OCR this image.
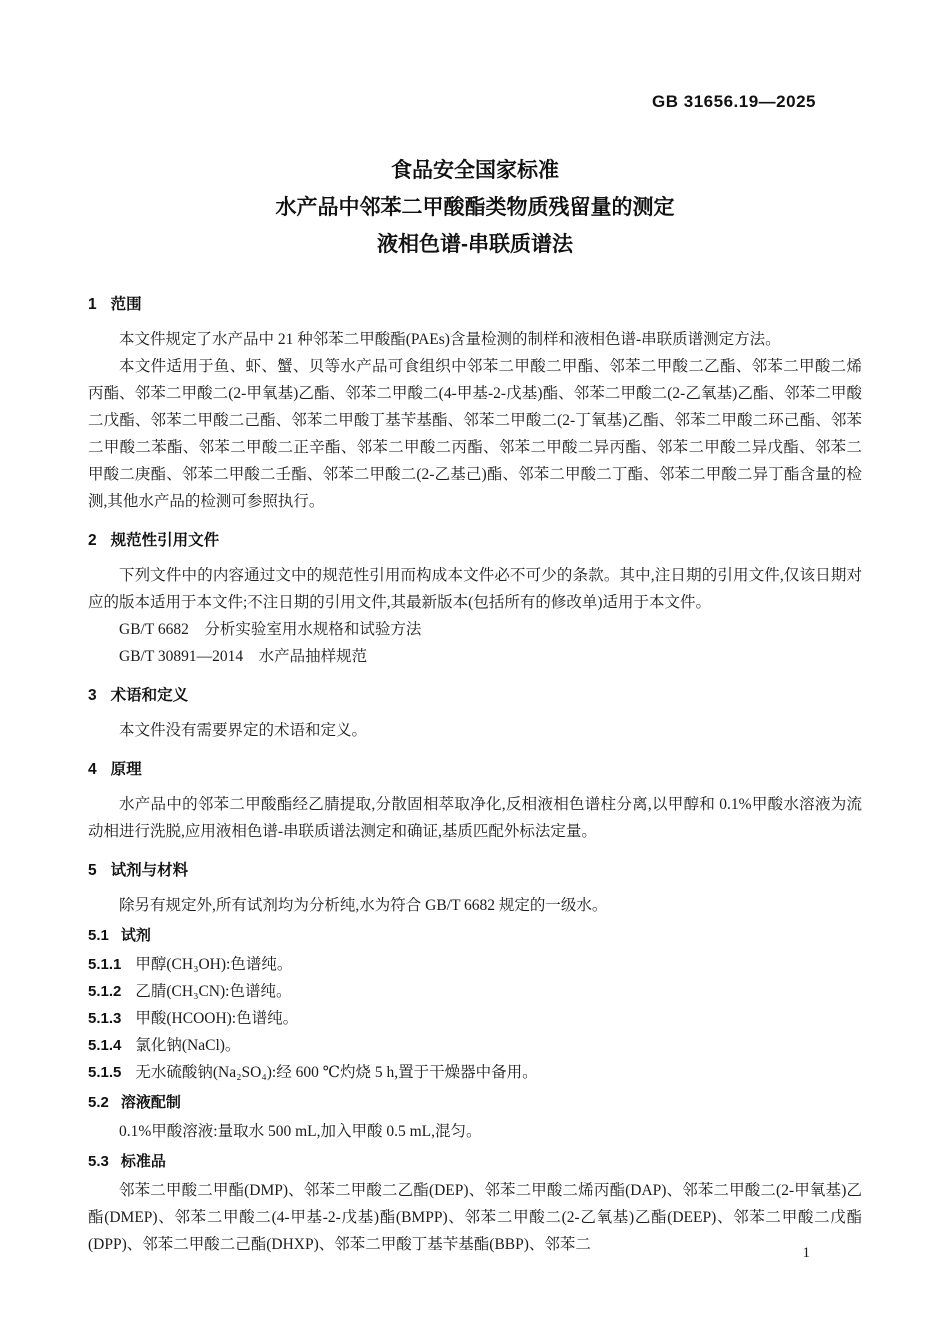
GB 31656.19—2025
食品安全国家标准
水产品中邻苯二甲酸酯类物质残留量的测定
液相色谱-串联质谱法
1 范围

本文件规定了水产品中 21 种邻苯二甲酸酯(PAEs)含量检测的制样和液相色谱-串联质谱测定方法。

本文件适用于鱼、虾、蟹、贝等水产品可食组织中邻苯二甲酸二甲酯、邻苯二甲酸二乙酯、邻苯二甲酸二烯丙酯、邻苯二甲酸二(2-甲氧基)乙酯、邻苯二甲酸二(4-甲基-2-戊基)酯、邻苯二甲酸二(2-乙氧基)乙酯、邻苯二甲酸二戊酯、邻苯二甲酸二己酯、邻苯二甲酸丁基苄基酯、邻苯二甲酸二(2-丁氧基)乙酯、邻苯二甲酸二环己酯、邻苯二甲酸二苯酯、邻苯二甲酸二正辛酯、邻苯二甲酸二丙酯、邻苯二甲酸二异丙酯、邻苯二甲酸二异戊酯、邻苯二甲酸二庚酯、邻苯二甲酸二壬酯、邻苯二甲酸二(2-乙基己)酯、邻苯二甲酸二丁酯、邻苯二甲酸二异丁酯含量的检测,其他水产品的检测可参照执行。

2 规范性引用文件

下列文件中的内容通过文中的规范性引用而构成本文件必不可少的条款。其中,注日期的引用文件,仅该日期对应的版本适用于本文件;不注日期的引用文件,其最新版本(包括所有的修改单)适用于本文件。

GB/T 6682　分析实验室用水规格和试验方法

GB/T 30891—2014　水产品抽样规范

3 术语和定义

本文件没有需要界定的术语和定义。

4 原理

水产品中的邻苯二甲酸酯经乙腈提取,分散固相萃取净化,反相液相色谱柱分离,以甲醇和 0.1%甲酸水溶液为流动相进行洗脱,应用液相色谱-串联质谱法测定和确证,基质匹配外标法定量。

5 试剂与材料

除另有规定外,所有试剂均为分析纯,水为符合 GB/T 6682 规定的一级水。

5.1 试剂
5.1.1 甲醇(CH₃OH):色谱纯。
5.1.2 乙腈(CH₃CN):色谱纯。
5.1.3 甲酸(HCOOH):色谱纯。
5.1.4 氯化钠(NaCl)。
5.1.5 无水硫酸钠(Na₂SO₄):经 600 ℃灼烧 5 h,置于干燥器中备用。
5.2 溶液配制

0.1%甲酸溶液:量取水 500 mL,加入甲酸 0.5 mL,混匀。

5.3 标准品

邻苯二甲酸二甲酯(DMP)、邻苯二甲酸二乙酯(DEP)、邻苯二甲酸二烯丙酯(DAP)、邻苯二甲酸二(2-甲氧基)乙酯(DMEP)、邻苯二甲酸二(4-甲基-2-戊基)酯(BMPP)、邻苯二甲酸二(2-乙氧基)乙酯(DEEP)、邻苯二甲酸二戊酯(DPP)、邻苯二甲酸二己酯(DHXP)、邻苯二甲酸丁基苄基酯(BBP)、邻苯二	1
